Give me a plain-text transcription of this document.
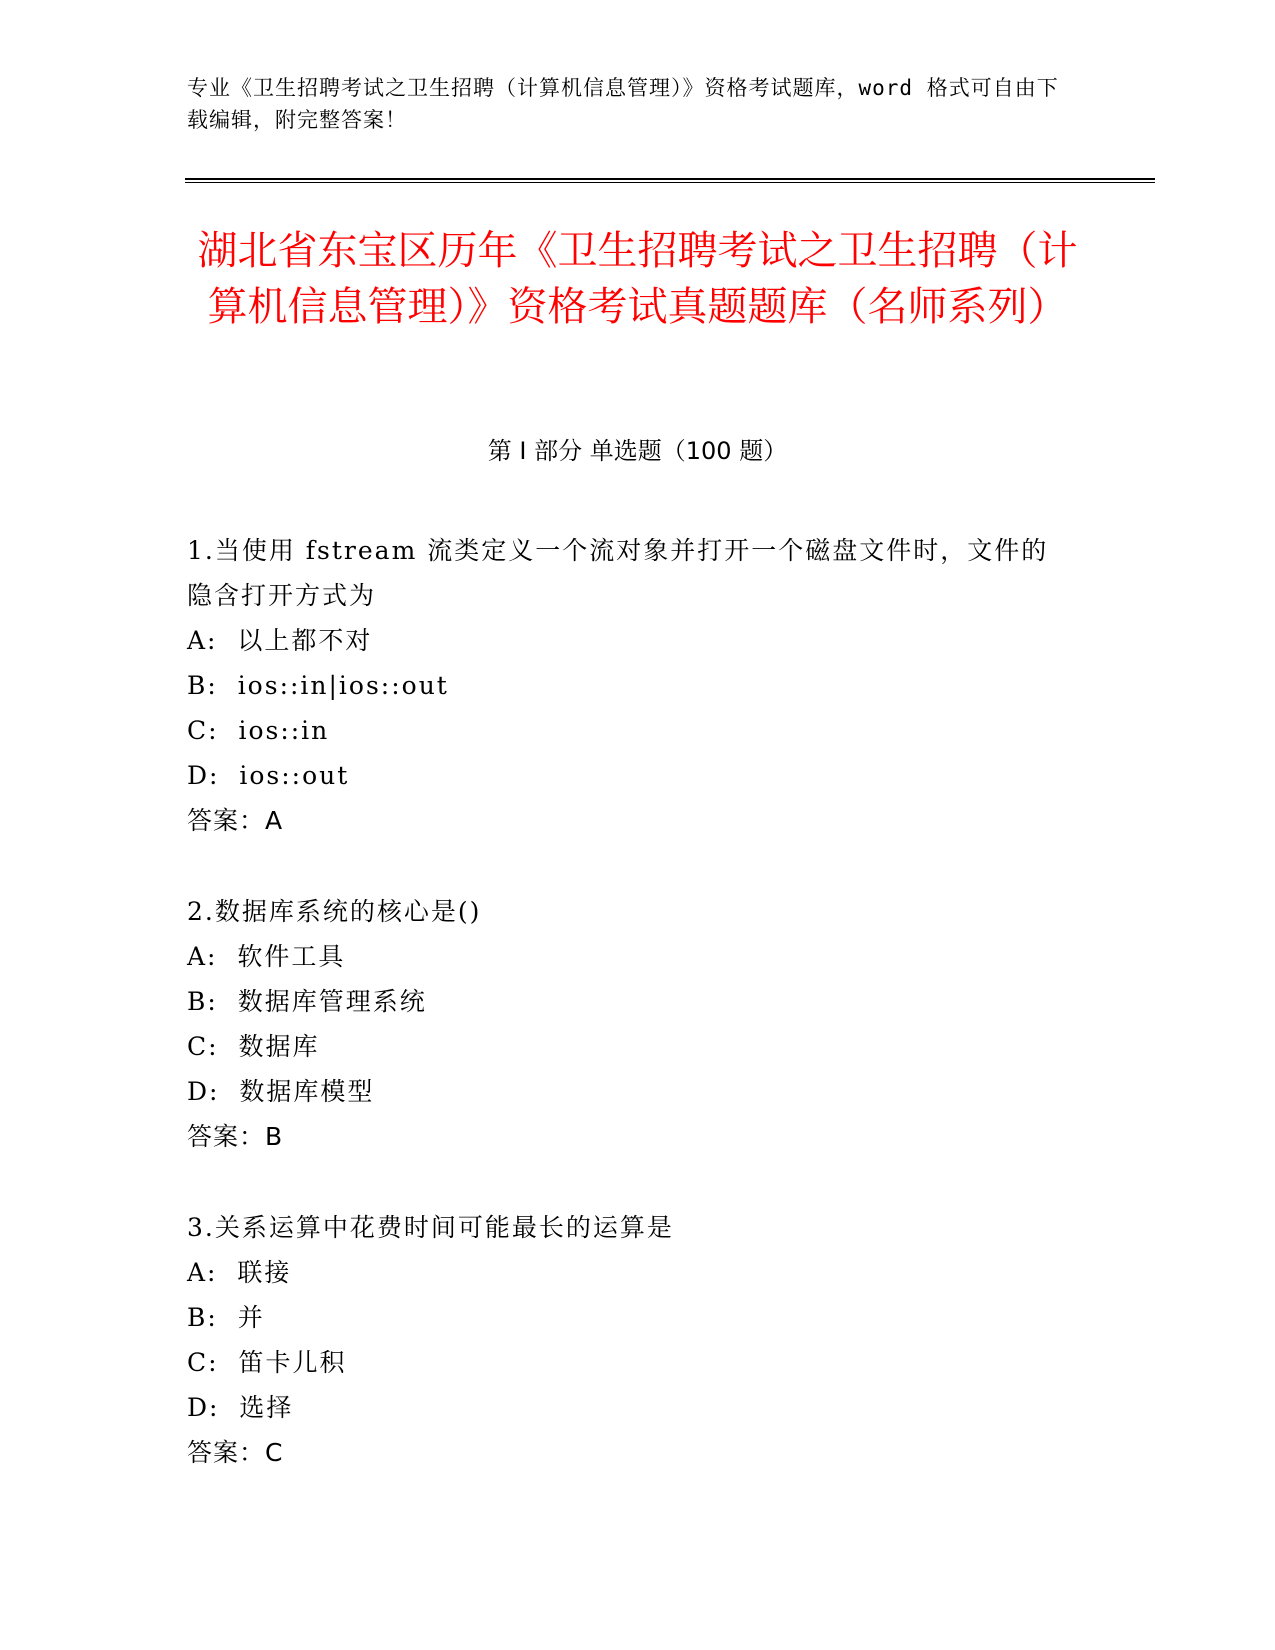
专业《卫生招聘考试之卫生招聘（计算机信息管理）》资格考试题库，word 格式可自由下载编辑，附完整答案！
湖北省东宝区历年《卫生招聘考试之卫生招聘（计算机信息管理）》资格考试真题题库（名师系列）
第 I 部分 单选题（100 题）
1.当使用 fstream 流类定义一个流对象并打开一个磁盘文件时，文件的隐含打开方式为
A:  以上都不对
B:  ios::in|ios::out
C:  ios::in
D:  ios::out
答案：A
2.数据库系统的核心是()
A:  软件工具
B:  数据库管理系统
C:  数据库
D:  数据库模型
答案：B
3.关系运算中花费时间可能最长的运算是
A:  联接
B:  并
C:  笛卡儿积
D:  选择
答案：C
